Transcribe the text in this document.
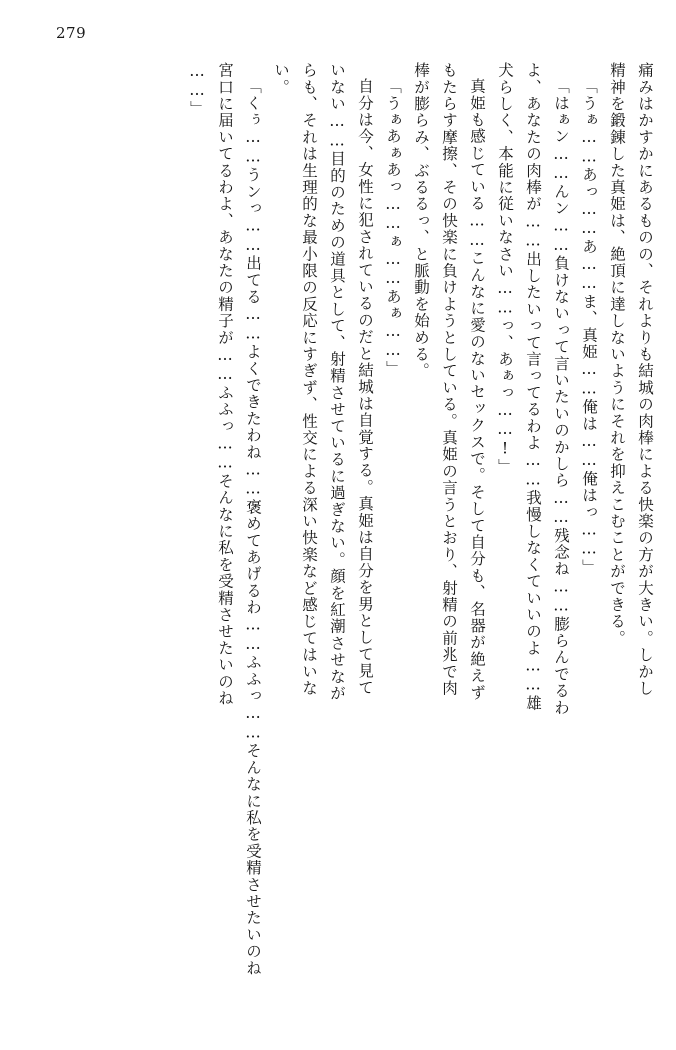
279
痛みはかすかにあるものの、それよりも結城の肉棒による快楽の方が大きい。しかし
精神を鍛錬した真姫は、絶頂に達しないようにそれを抑えこむことができる。
「うぁ……あっ……あ……ま、真姫……俺は……俺はっ……」
「はぁン……んン……負けないって言いたいのかしら……残念ね……膨らんでるわ
よ、あなたの肉棒が……出したいって言ってるわよ……我慢しなくていいのよ……雄
犬らしく、本能に従いなさい……っ、あぁっ……!」
真姫も感じている……こんなに愛のないセックスで。そして自分も、名器が絶えず
もたらす摩擦、その快楽に負けようとしている。真姫の言うとおり、射精の前兆で肉
棒が膨らみ、ぶるるっ、と脈動を始める。
「うぁあぁあっ……ぁ……あぁ……」
自分は今、女性に犯されているのだと結城は自覚する。真姫は自分を男として見て
いない……目的のための道具として、射精させているに過ぎない。顔を紅潮させなが
らも、それは生理的な最小限の反応にすぎず、性交による深い快楽など感じてはいな
い。
「くぅ……うンっ……出てる……よくできたわね……褒めてあげるわ……ふふっ……そんなに私を受精させたいのね
宮口に届いてるわよ、あなたの精子が……ふふっ……そんなに私を受精させたいのね
……」
